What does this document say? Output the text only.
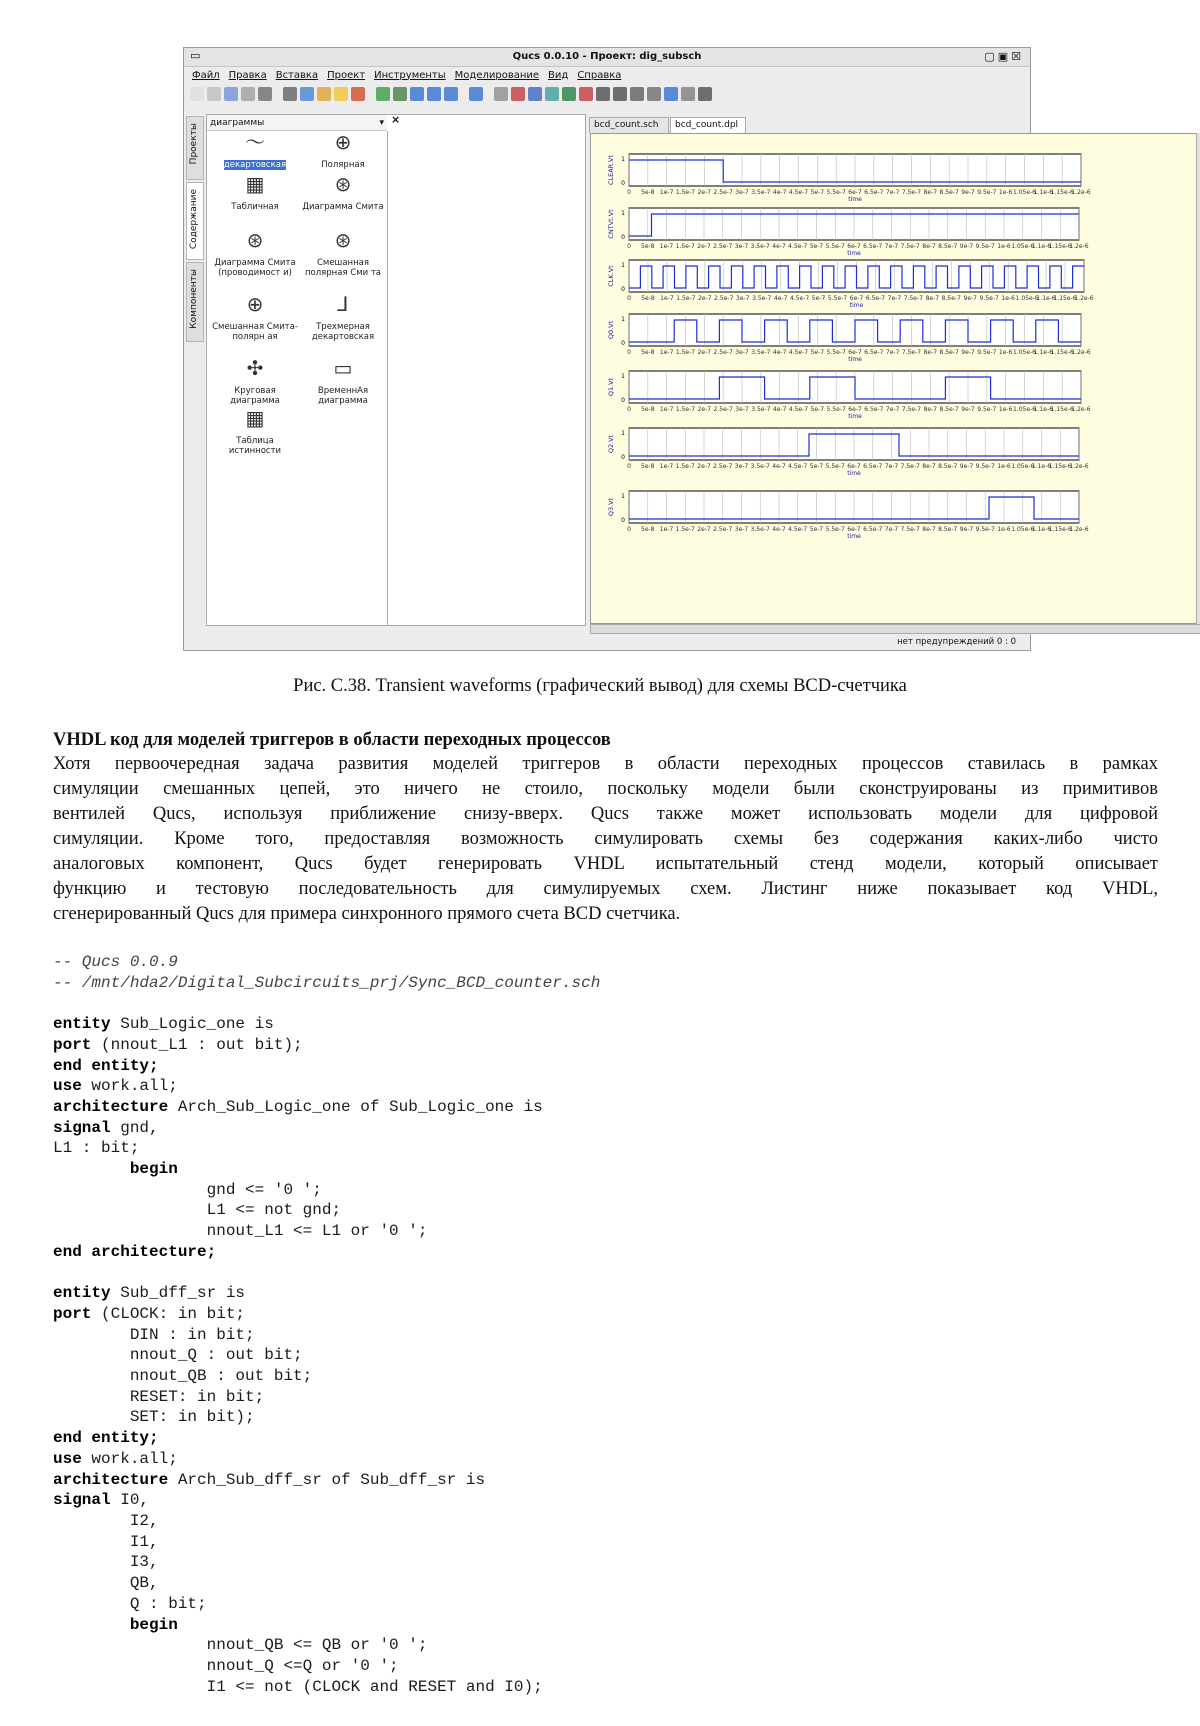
▭	Qucs 0.0.10 - Проект: dig_subsch	▢▣☒
Файл Правка Вставка Проект Инструменты Моделирование Вид Справка
Проекты
Содержание
Компоненты
диаграммы	▾ ×
〜
декартовская
⊕
Полярная
▦
Табличная
⊛
Диаграмма Смита
⊛
Диаграмма Смита (проводимост и)
⊛
Смешанная полярная Сми та
⊕
Смешанная Смита-полярн ая
⅃
Трехмерная декартовская
✣
Круговая диаграмма
▭
ВременнАя диаграмма
▦
Таблица истинности
bcd_count.sch	bcd_count.dpl
0 5e-8 1e-7 1.5e-7 2e-7 2.5e-7 3e-7 3.5e-7 4e-7 4.5e-7 5e-7 5.5e-7 6e-7 6.5e-7 7e-7 7.5e-7 8e-7 8.5e-7 9e-7 9.5e-7 1e-6 1.05e-6
1.1e-6
1.15e-6
1.2e-6
0
1
CLEAR.Vt
time
0 5e-8 1e-7 1.5e-7 2e-7 2.5e-7 3e-7 3.5e-7 4e-7 4.5e-7 5e-7 5.5e-7 6e-7 6.5e-7 7e-7 7.5e-7 8e-7 8.5e-7 9e-7 9.5e-7 1e-6 1.05e-6
1.1e-6
1.15e-6
1.2e-6
0
1
CNTVt.Vt
time
0 5e-8 1e-7 1.5e-7 2e-7 2.5e-7 3e-7 3.5e-7 4e-7 4.5e-7 5e-7 5.5e-7 6e-7 6.5e-7 7e-7 7.5e-7 8e-7 8.5e-7 9e-7 9.5e-7 1e-6 1.05e-6
1.1e-6
1.15e-6
1.2e-6
0
1
CLK.Vt
time
0 5e-8 1e-7 1.5e-7 2e-7 2.5e-7 3e-7 3.5e-7 4e-7 4.5e-7 5e-7 5.5e-7 6e-7 6.5e-7 7e-7 7.5e-7 8e-7 8.5e-7 9e-7 9.5e-7 1e-6 1.05e-6
1.1e-6
1.15e-6
1.2e-6
0
1
Q0.Vt
time
0 5e-8 1e-7 1.5e-7 2e-7 2.5e-7 3e-7 3.5e-7 4e-7 4.5e-7 5e-7 5.5e-7 6e-7 6.5e-7 7e-7 7.5e-7 8e-7 8.5e-7 9e-7 9.5e-7 1e-6 1.05e-6
1.1e-6
1.15e-6
1.2e-6
0
1
Q1.Vt
time
0 5e-8 1e-7 1.5e-7 2e-7 2.5e-7 3e-7 3.5e-7 4e-7 4.5e-7 5e-7 5.5e-7 6e-7 6.5e-7 7e-7 7.5e-7 8e-7 8.5e-7 9e-7 9.5e-7 1e-6 1.05e-6
1.1e-6
1.15e-6
1.2e-6
0
1
Q2.Vt
time
0 5e-8 1e-7 1.5e-7 2e-7 2.5e-7 3e-7 3.5e-7 4e-7 4.5e-7 5e-7 5.5e-7 6e-7 6.5e-7 7e-7 7.5e-7 8e-7 8.5e-7 9e-7 9.5e-7 1e-6 1.05e-6
1.1e-6
1.15e-6
1.2e-6
0
1
Q3.Vt
time
нет предупреждений 0 : 0
Рис. С.38. Transient waveforms (графический вывод) для схемы BCD-счетчика
VHDL код для моделей триггеров в области переходных процессов
Хотя первоочередная задача развития моделей триггеров в области переходных процессов ставилась в рамках
симуляции смешанных цепей, это ничего не стоило, поскольку модели были сконструированы из примитивов
вентилей Qucs, используя приближение снизу-вверх. Qucs также может использовать модели для цифровой
симуляции. Кроме того, предоставляя возможность симулировать схемы без содержания каких-либо чисто
аналоговых компонент, Qucs будет генерировать VHDL испытательный стенд модели, который описывает
функцию и тестовую последовательность для симулируемых схем. Листинг ниже показывает код VHDL,
сгенерированный Qucs для примера синхронного прямого счета BCD счетчика.
-- Qucs 0.0.9
-- /mnt/hda2/Digital_Subcircuits_prj/Sync_BCD_counter.sch

entity Sub_Logic_one is
port (nnout_L1 : out bit);
end entity;
use work.all;
architecture Arch_Sub_Logic_one of Sub_Logic_one is
signal gnd,
L1 : bit;
begin
gnd <= '0 ';
L1 <= not gnd;
nnout_L1 <= L1 or '0 ';
end architecture;

entity Sub_dff_sr is
port (CLOCK: in bit;
DIN : in bit;
nnout_Q : out bit;
nnout_QB : out bit;
RESET: in bit;
SET: in bit);
end entity;
use work.all;
architecture Arch_Sub_dff_sr of Sub_dff_sr is
signal I0,
I2,
I1,
I3,
QB,
Q : bit;
begin
nnout_QB <= QB or '0 ';
nnout_Q <=Q or '0 ';
I1 <= not (CLOCK and RESET and I0);
